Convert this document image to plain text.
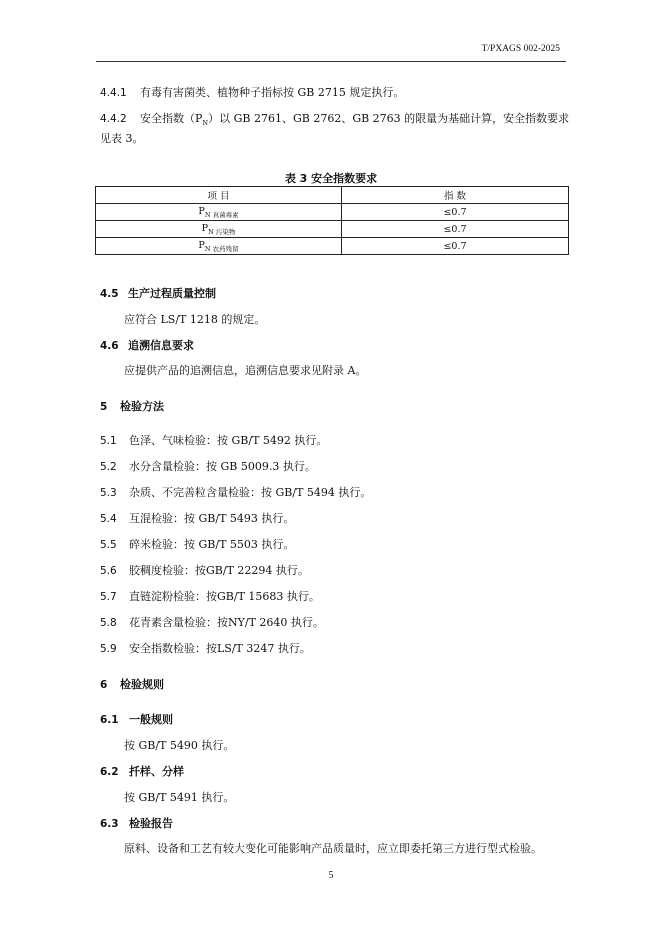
T/PXAGS 002-2025
4.4.1 有毒有害菌类、植物种子指标按 GB 2715 规定执行。
4.4.2 安全指数$(P_N)$以 GB 2761、GB 2762、GB 2763 的限量为基础计算，安全指数要求
见表 3。
表 3 安全指数要求
项 目	指 数
$P_{N 真菌毒素}$	≤0.7
$P_{N 污染物}$	≤0.7
$P_{N 农药残留}$	≤0.7
4.5 生产过程质量控制
应符合 LS/T 1218 的规定。
4.6 追溯信息要求
应提供产品的追溯信息，追溯信息要求见附录 A。
5 检验方法
5.1 色泽、气味检验：按 GB/T 5492 执行。
5.2 水分含量检验：按 GB 5009.3 执行。
5.3 杂质、不完善粒含量检验：按 GB/T 5494 执行。
5.4 互混检验：按 GB/T 5493 执行。
5.5 碎米检验：按 GB/T 5503 执行。
5.6 胶稠度检验：按GB/T 22294 执行。
5.7 直链淀粉检验：按GB/T 15683 执行。
5.8 花青素含量检验：按NY/T 2640 执行。
5.9 安全指数检验：按LS/T 3247 执行。
6 检验规则
6.1 一般规则
按 GB/T 5490 执行。
6.2 扦样、分样
按 GB/T 5491 执行。
6.3 检验报告
原料、设备和工艺有较大变化可能影响产品质量时，应立即委托第三方进行型式检验。
5
